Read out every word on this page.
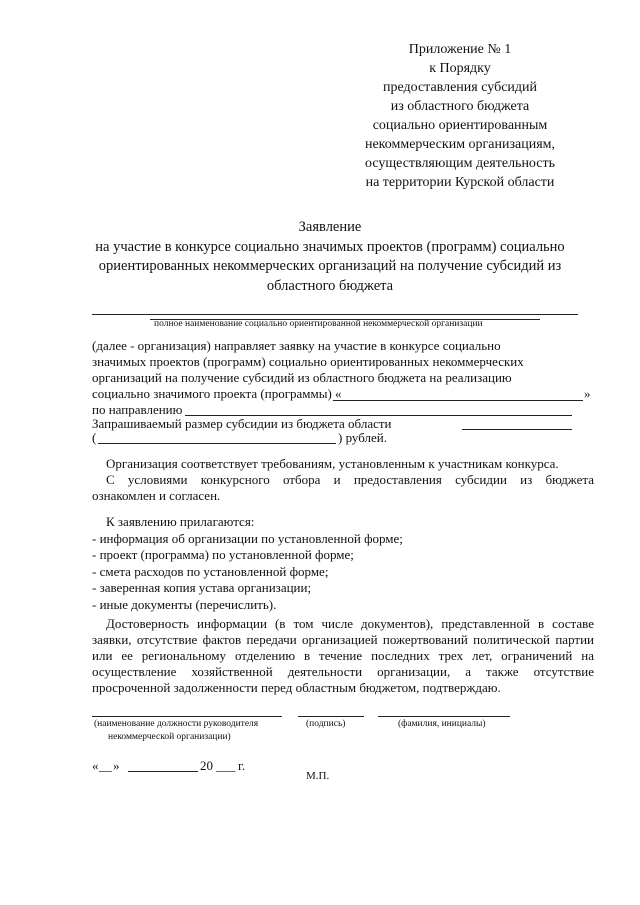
Приложение № 1
к Порядку
предоставления субсидий
из областного бюджета
социально ориентированным
некоммерческим организациям,
осуществляющим деятельность
на территории Курской области
Заявление
на участие в конкурсе социально значимых проектов (программ) социально
ориентированных некоммерческих организаций на получение субсидий из
областного бюджета
полное наименование социально ориентированной некоммерческой организации
(далее - организация) направляет заявку на участие в конкурсе социально
значимых проектов (программ) социально ориентированных некоммерческих
организаций на получение субсидий из областного бюджета на реализацию
социально значимого проекта (программы) «	»
по направлению
Запрашиваемый размер субсидии из бюджета области
(	) рублей.
Организация соответствует требованиям, установленным к участникам конкурса.
С условиями конкурсного отбора и предоставления субсидии из бюджета
ознакомлен и согласен.
К заявлению прилагаются:
- информация об организации по установленной форме;
- проект (программа) по установленной форме;
- смета расходов по установленной форме;
- заверенная копия устава организации;
- иные документы (перечислить).
Достоверность информации (в том числе документов), представленной в составе
заявки, отсутствие фактов передачи организацией пожертвований политической партии
или ее региональному отделению в течение последних трех лет, ограничений на
осуществление хозяйственной деятельности организации, а также отсутствие
просроченной задолженности перед областным бюджетом, подтверждаю.
(наименование должности руководителя
некоммерческой организации)
(подпись)	(фамилия, инициалы)
« __ »	20 ___ г.
М.П.
